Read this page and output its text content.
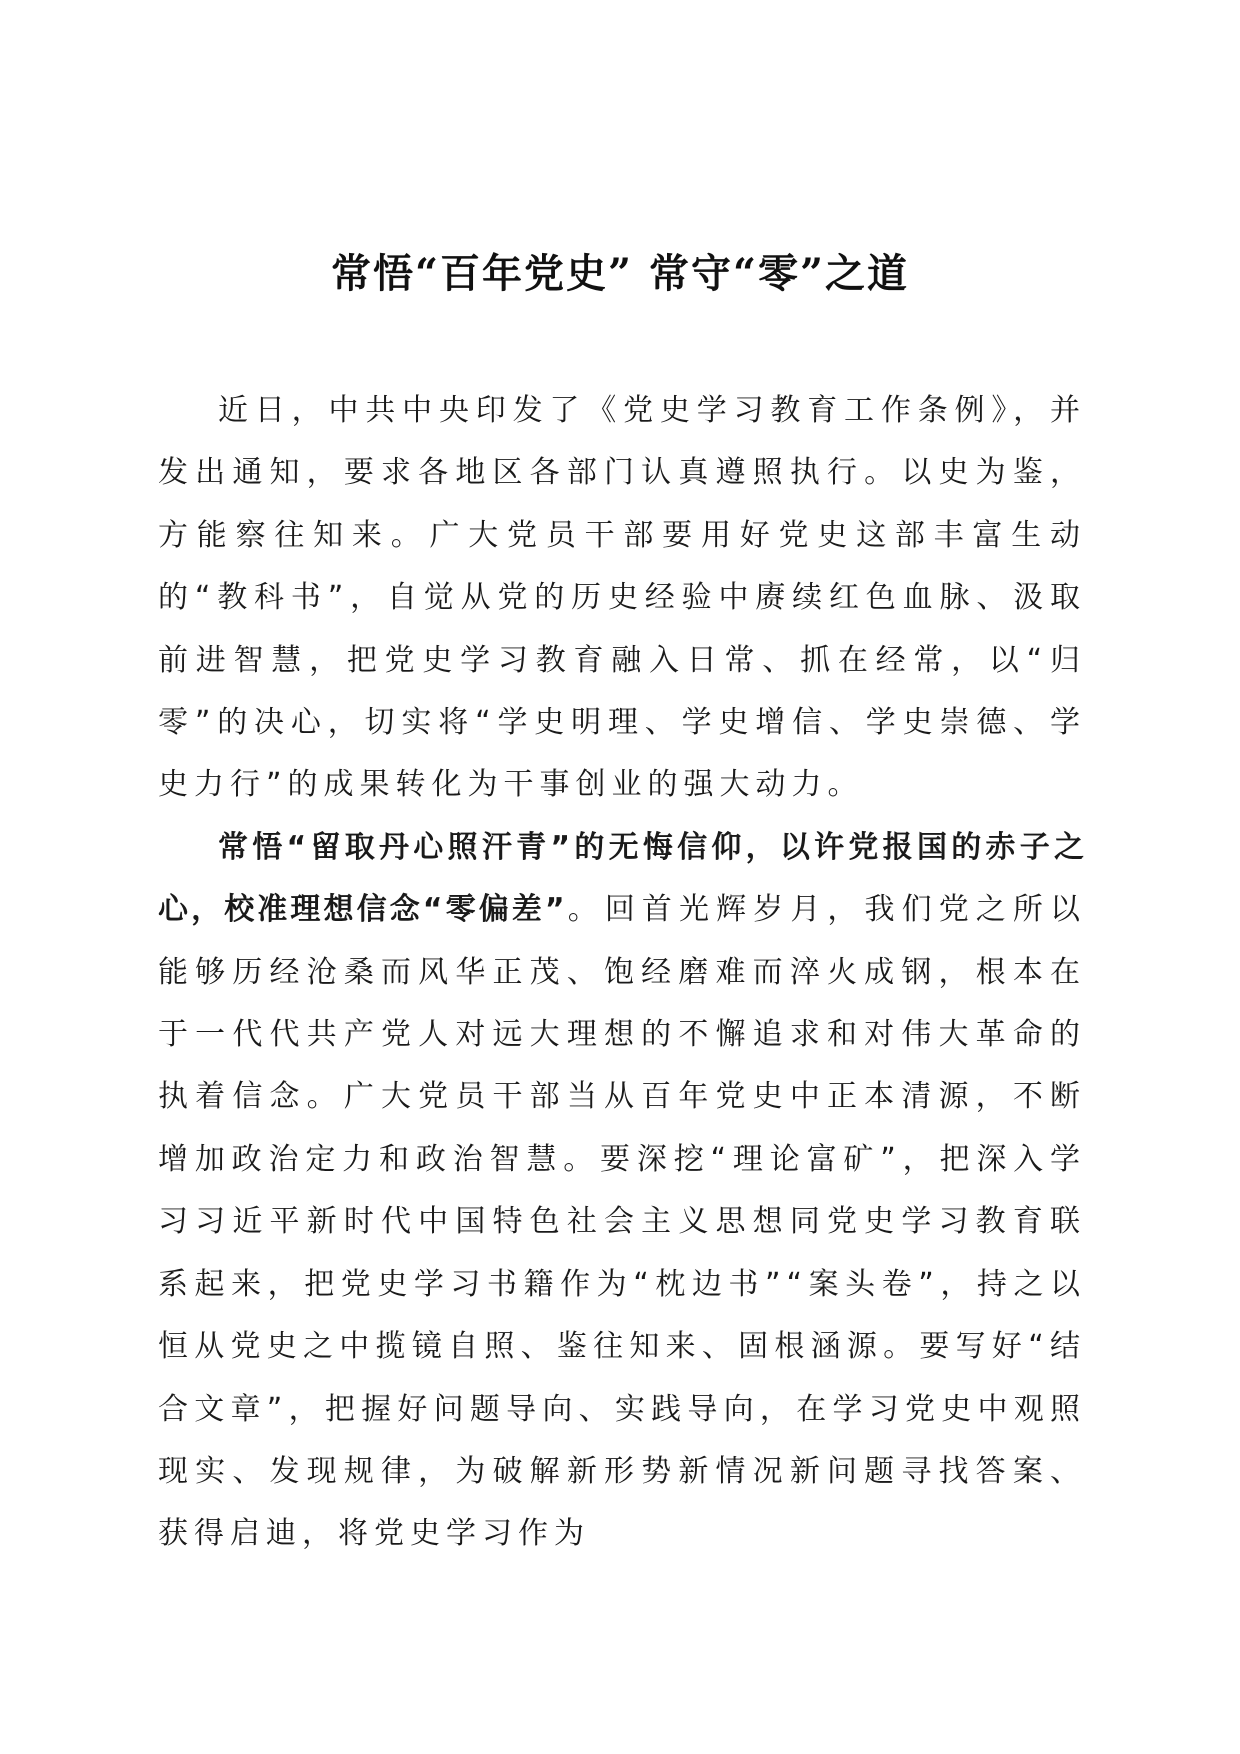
常悟“百年党史” 常守“零”之道

近日，中共中央印发了《党史学习教育工作条例》，并发出通知，要求各地区各部门认真遵照执行。以史为鉴，方能察往知来。广大党员干部要用好党史这部丰富生动的“教科书”，自觉从党的历史经验中赓续红色血脉、汲取前进智慧，把党史学习教育融入日常、抓在经常，以“归零”的决心，切实将“学史明理、学史增信、学史崇德、学史力行”的成果转化为干事创业的强大动力。

常悟“留取丹心照汗青”的无悔信仰，以许党报国的赤子之心，校准理想信念“零偏差”。回首光辉岁月，我们党之所以能够历经沧桑而风华正茂、饱经磨难而淬火成钢，根本在于一代代共产党人对远大理想的不懈追求和对伟大革命的执着信念。广大党员干部当从百年党史中正本清源，不断增加政治定力和政治智慧。要深挖“理论富矿”，把深入学习习近平新时代中国特色社会主义思想同党史学习教育联系起来，把党史学习书籍作为“枕边书”“案头卷”，持之以恒从党史之中揽镜自照、鉴往知来、固根涵源。要写好“结合文章”，把握好问题导向、实践导向，在学习党史中观照现实、发现规律，为破解新形势新情况新问题寻找答案、获得启迪，将党史学习作为
